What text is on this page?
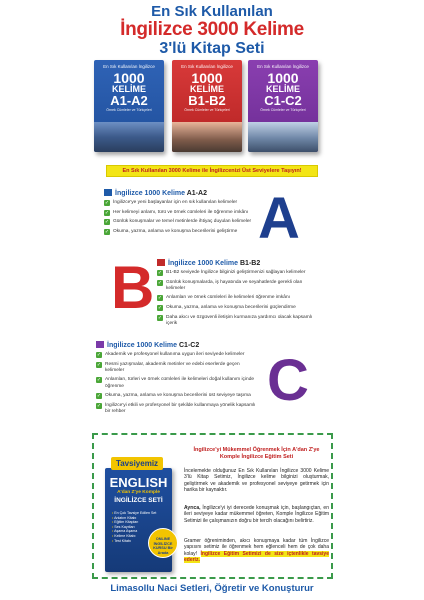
En Sık Kullanılan
İngilizce 3000 Kelime
3'lü Kitap Seti
En Sık Kullanılan İngilizce
1000
KELİME
A1-A2
Örnek Cümleler ve Türkçeleri
En Sık Kullanılan İngilizce
1000
KELİME
B1-B2
Örnek Cümleler ve Türkçeleri
En Sık Kullanılan İngilizce
1000
KELİME
C1-C2
Örnek Cümleler ve Türkçeleri
En Sık Kullanılan 3000 Kelime ile İngilizcenizi Üst Seviyelere Taşıyın!
İngilizce 1000 Kelime A1-A2
✓ İngilizce'ye yeni başlayanlar için en sık kullanılan kelimeler
✓ Her kelimeyi anlamı, türü ve örnek cümleleri ile öğrenme imkânı
✓ Günlük konuşmalar ve temel metinlerde ihtiyaç duyulan kelimeler
✓ Okuma, yazma, anlama ve konuşma becerilerini geliştirme A
B	İngilizce 1000 Kelime B1-B2
✓ B1-B2 seviyede İngilizce bilginizi geliştirmenizi sağlayan kelimeler
✓ Günlük konuşmalarda, iş hayatında ve seyahatlerde gerekli olan kelimeler
✓ Anlamları ve örnek cümleleri ile kelimeleri öğrenme imkânı
✓ Okuma, yazma, anlama ve konuşma becerilerini güçlendirme
✓ Daha akıcı ve özgüvenli iletişim kurmanıza yardımcı olacak kapsamlı içerik
İngilizce 1000 Kelime C1-C2
✓ Akademik ve profesyonel kullanıma uygun ileri seviyede kelimeler
✓ Resmi yazışmalar, akademik metinler ve edebi eserlerde geçen kelimeler
✓ Anlamları, türleri ve örnek cümleleri ile kelimeleri doğal kullanım içinde öğrenme
✓ Okuma, yazma, anlama ve konuşma becerilerini üst seviyeye taşıma
✓ İngilizce'yi etkili ve profesyonel bir şekilde kullanmaya yönelik kapsamlı bir rehber	C
ENGLISH
A'dan Z'ye Komple
İNGİLİZCE SETİ
• En Çok Tavsiye Edilen Set
• Anlatım Kitabı
• Eğitim Kitapları
• Ses Kayıtları
• Aşama Aşama
• Kelime Kitabı
• Test Kitabı	ONLINE İNGİLİZCE KURSU Bir Arada
Tavsiyemiz
İngilizce'yi Mükemmel Öğrenmek İçin A'dan Z'ye Komple İngilizce Eğitim Seti
İncelemekte olduğunuz En Sık Kullanılan İngilizce 3000 Kelime 3'lü Kitap Setimiz, İngilizce kelime bilginizi oluşturmak, geliştirmek ve akademik ve profesyonel seviyeye getirmek için harika bir kaynaktır.
Ayrıca, İngilizce'yi iyi derecede konuşmak için, başlangıçtan, en ileri seviyeye kadar mükemmel öğreten, Komple İngilizce Eğitim Setimizi ile çalışmanızın doğru bir tercih olacağını belirtiriz.
Gramer öğreniminden, akıcı konuşmaya kadar tüm İngilizce yapısını setimiz ile öğrenmek hem eğlenceli hem de çok daha kolay! İngilizce Eğitim Setimizi de size içtenlikle tavsiye ederiz.
Limasollu Naci Setleri, Öğretir ve Konuşturur
